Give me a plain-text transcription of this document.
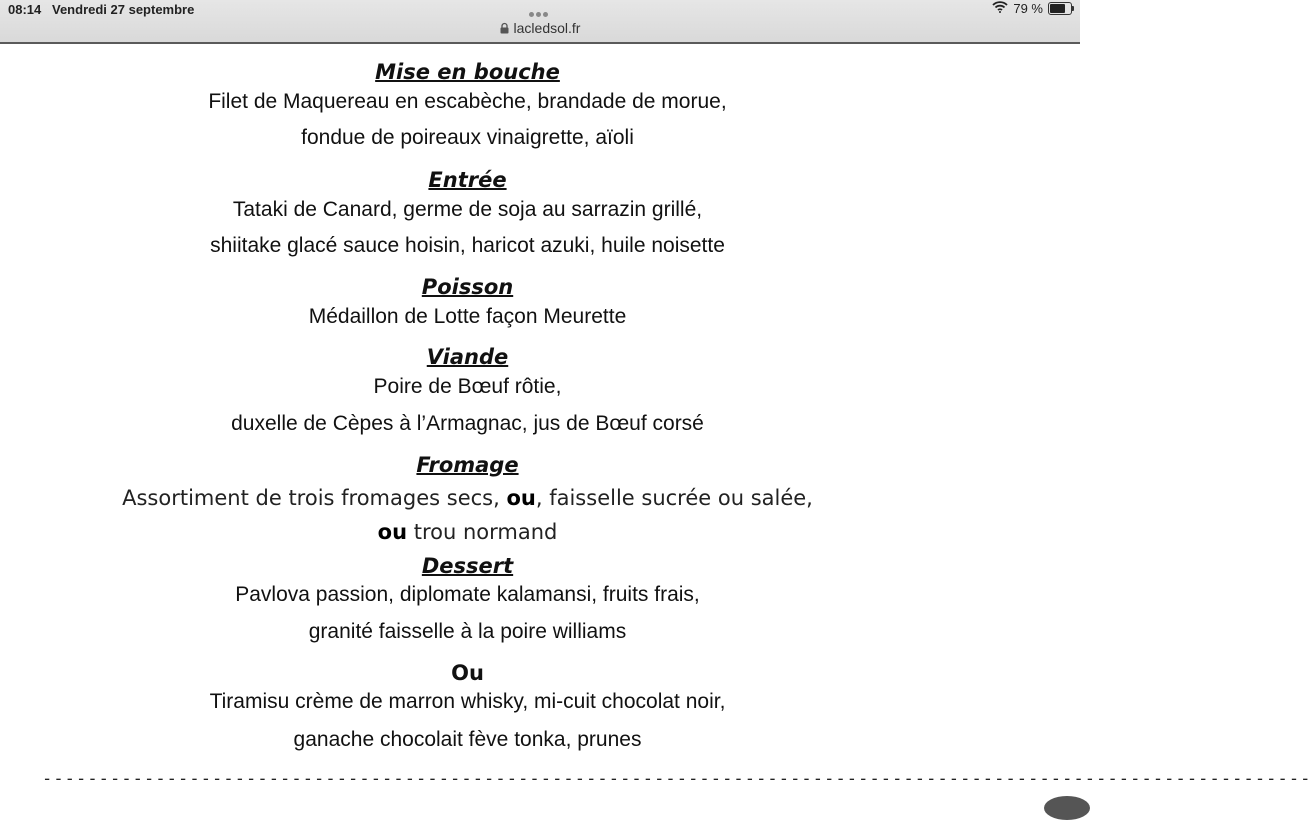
08:14 Vendredi 27 septembre
lacledsol.fr
79 %
Mise en bouche
Filet de Maquereau en escabèche, brandade de morue,
fondue de poireaux vinaigrette, aïoli
Entrée
Tataki de Canard, germe de soja au sarrazin grillé,
shiitake glacé sauce hoisin, haricot azuki, huile noisette
Poisson
Médaillon de Lotte façon Meurette
Viande
Poire de Bœuf rôtie,
duxelle de Cèpes à l’Armagnac, jus de Bœuf corsé
Fromage
Assortiment de trois fromages secs, ou, faisselle sucrée ou salée,
ou trou normand
Dessert
Pavlova passion, diplomate kalamansi, fruits frais,
granité faisselle à la poire williams
Ou
Tiramisu crème de marron whisky, mi-cuit chocolat noir,
ganache chocolait fève tonka, prunes
----------------------------------------------------------------------------------------------------------------
